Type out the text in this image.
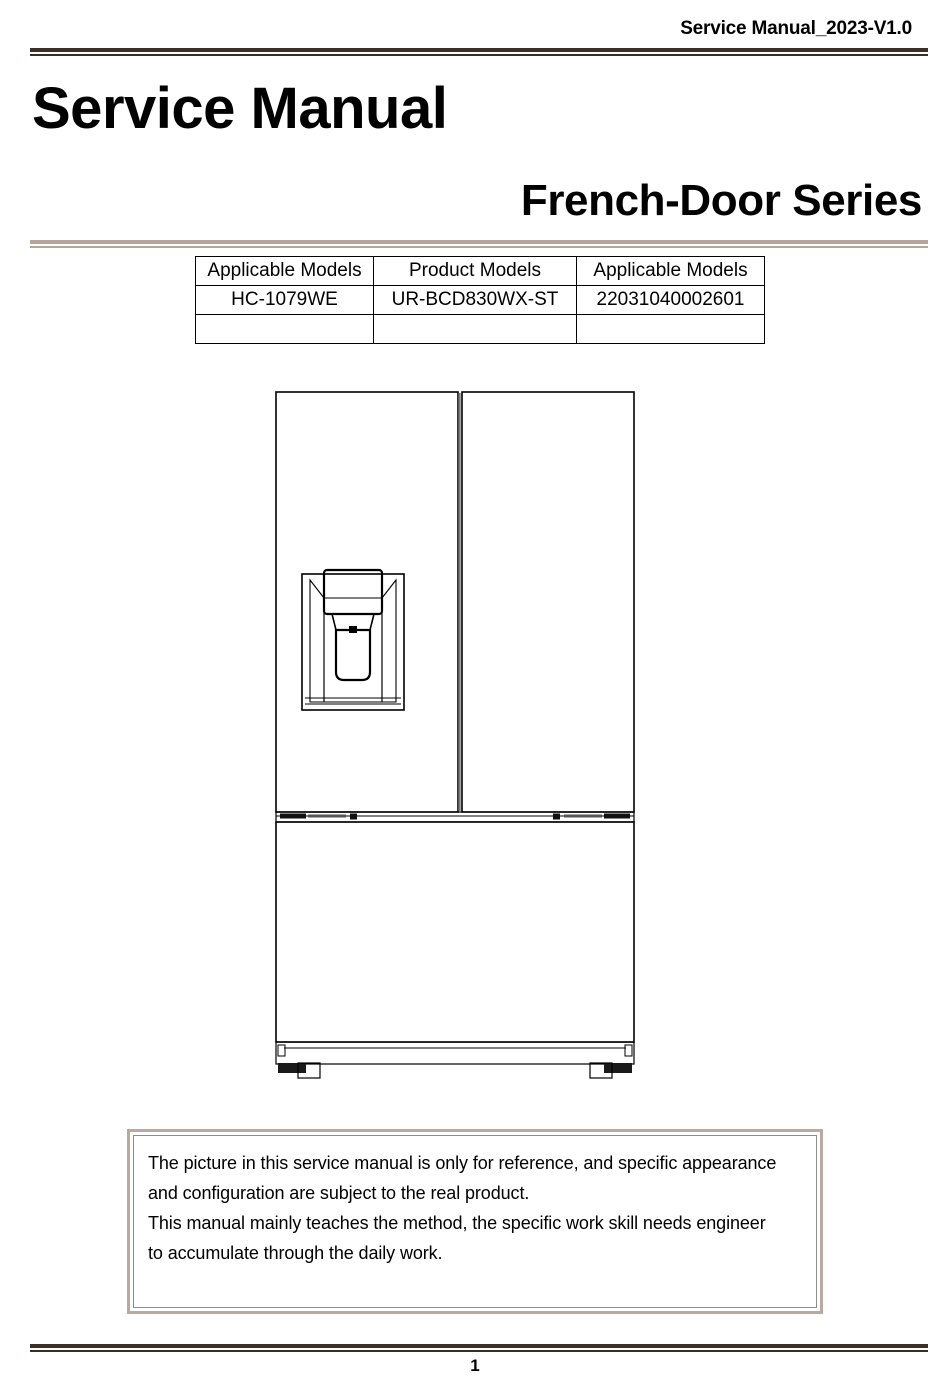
Service Manual_2023-V1.0
Service Manual
French-Door Series
Applicable Models	Product Models	Applicable Models
HC-1079WE	UR-BCD830WX-ST	22031040002601

The picture in this service manual is only for reference, and specific appearance

and configuration are subject to the real product.

This manual mainly teaches the method, the specific work skill needs engineer

to accumulate through the daily work.

1
